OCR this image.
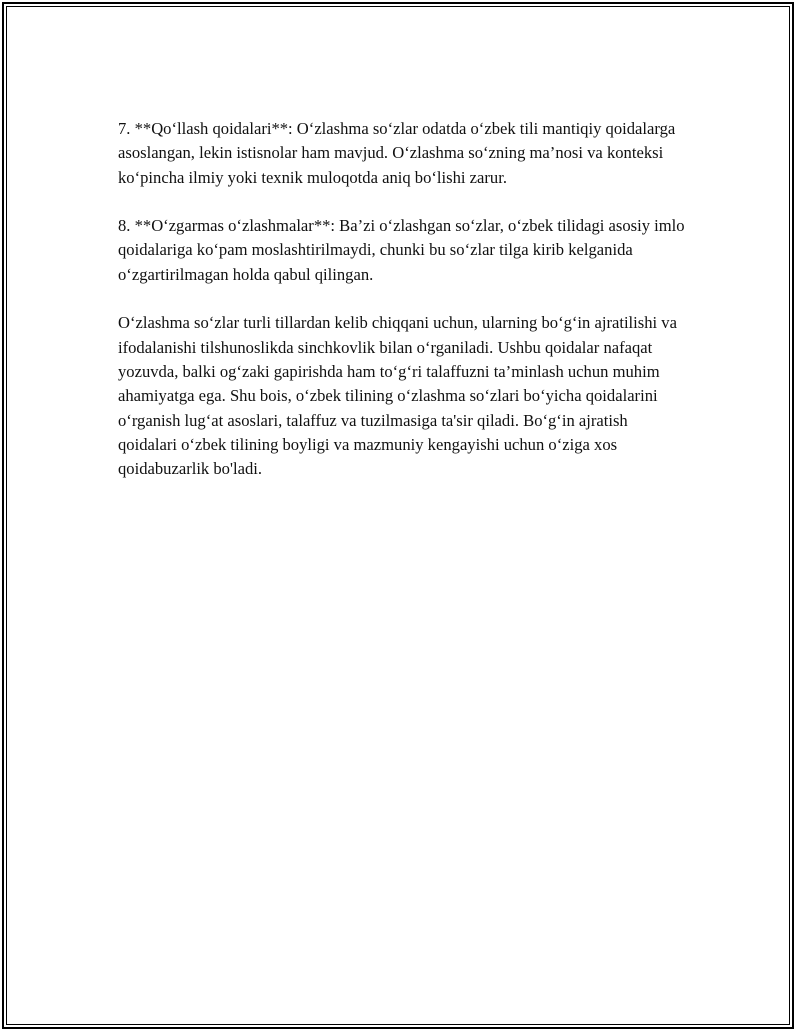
7. **Qo‘llash qoidalari**: O‘zlashma so‘zlar odatda o‘zbek tili mantiqiy qoidalarga asoslangan, lekin istisnolar ham mavjud. O‘zlashma so‘zning ma’nosi va konteksi ko‘pincha ilmiy yoki texnik muloqotda aniq bo‘lishi zarur.

8. **O‘zgarmas o‘zlashmalar**: Ba’zi o‘zlashgan so‘zlar, o‘zbek tilidagi asosiy imlo qoidalariga ko‘pam moslashtirilmaydi, chunki bu so‘zlar tilga kirib kelganida o‘zgartirilmagan holda qabul qilingan.

O‘zlashma so‘zlar turli tillardan kelib chiqqani uchun, ularning bo‘g‘in ajratilishi va ifodalanishi tilshunoslikda sinchkovlik bilan o‘rganiladi. Ushbu qoidalar nafaqat yozuvda, balki og‘zaki gapirishda ham to‘g‘ri talaffuzni ta’minlash uchun muhim ahamiyatga ega. Shu bois, o‘zbek tilining o‘zlashma so‘zlari bo‘yicha qoidalarini o‘rganish lug‘at asoslari, talaffuz va tuzilmasiga ta'sir qiladi. Bo‘g‘in ajratish qoidalari o‘zbek tilining boyligi va mazmuniy kengayishi uchun o‘ziga xos qoidabuzarlik bo'ladi.
